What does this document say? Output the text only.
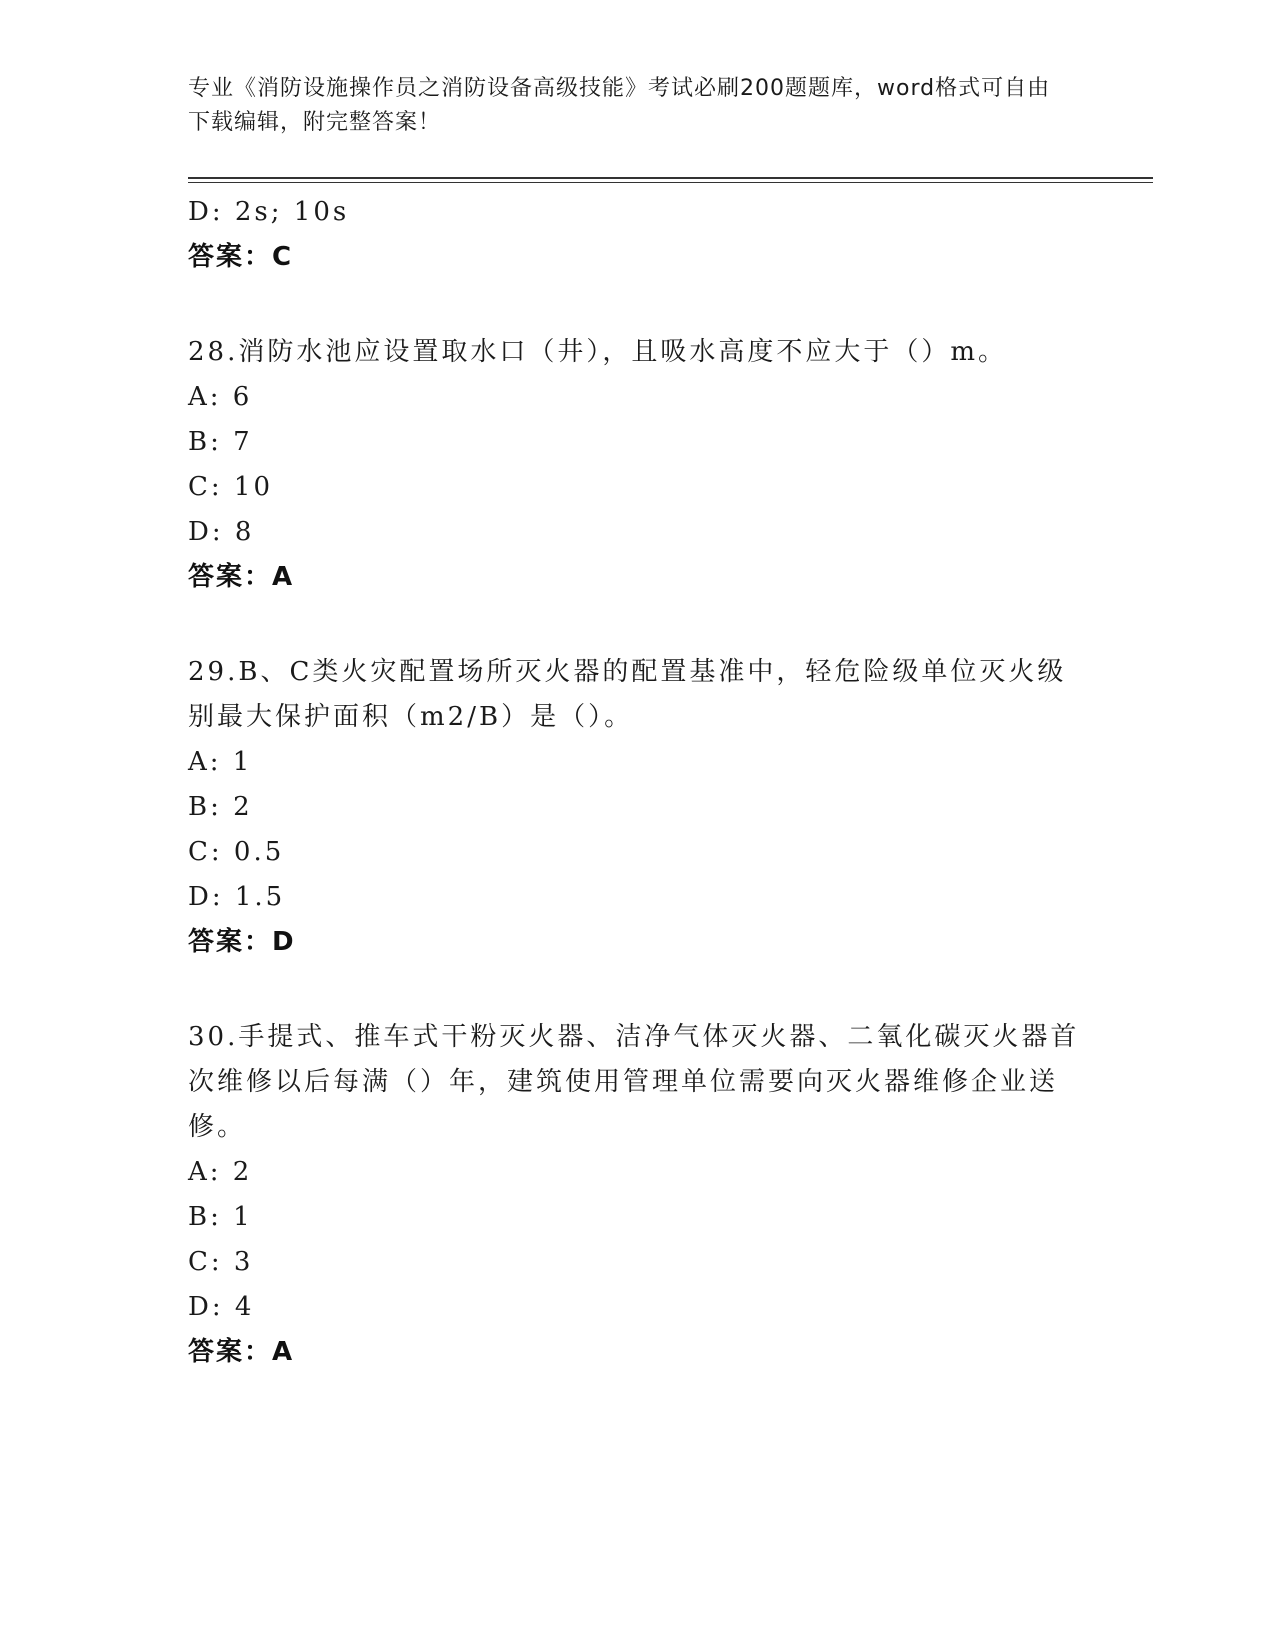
专业《消防设施操作员之消防设备高级技能》考试必刷200题题库，word格式可自由下载编辑，附完整答案！
D: 2s; 10s
答案：C
28.消防水池应设置取水口（井），且吸水高度不应大于（）m。
A: 6
B: 7
C: 10
D: 8
答案：A
29.B、C类火灾配置场所灭火器的配置基准中，轻危险级单位灭火级别最大保护面积（m2/B）是（）。
A: 1
B: 2
C: 0.5
D: 1.5
答案：D
30.手提式、推车式干粉灭火器、洁净气体灭火器、二氧化碳灭火器首次维修以后每满（）年，建筑使用管理单位需要向灭火器维修企业送修。
A: 2
B: 1
C: 3
D: 4
答案：A
